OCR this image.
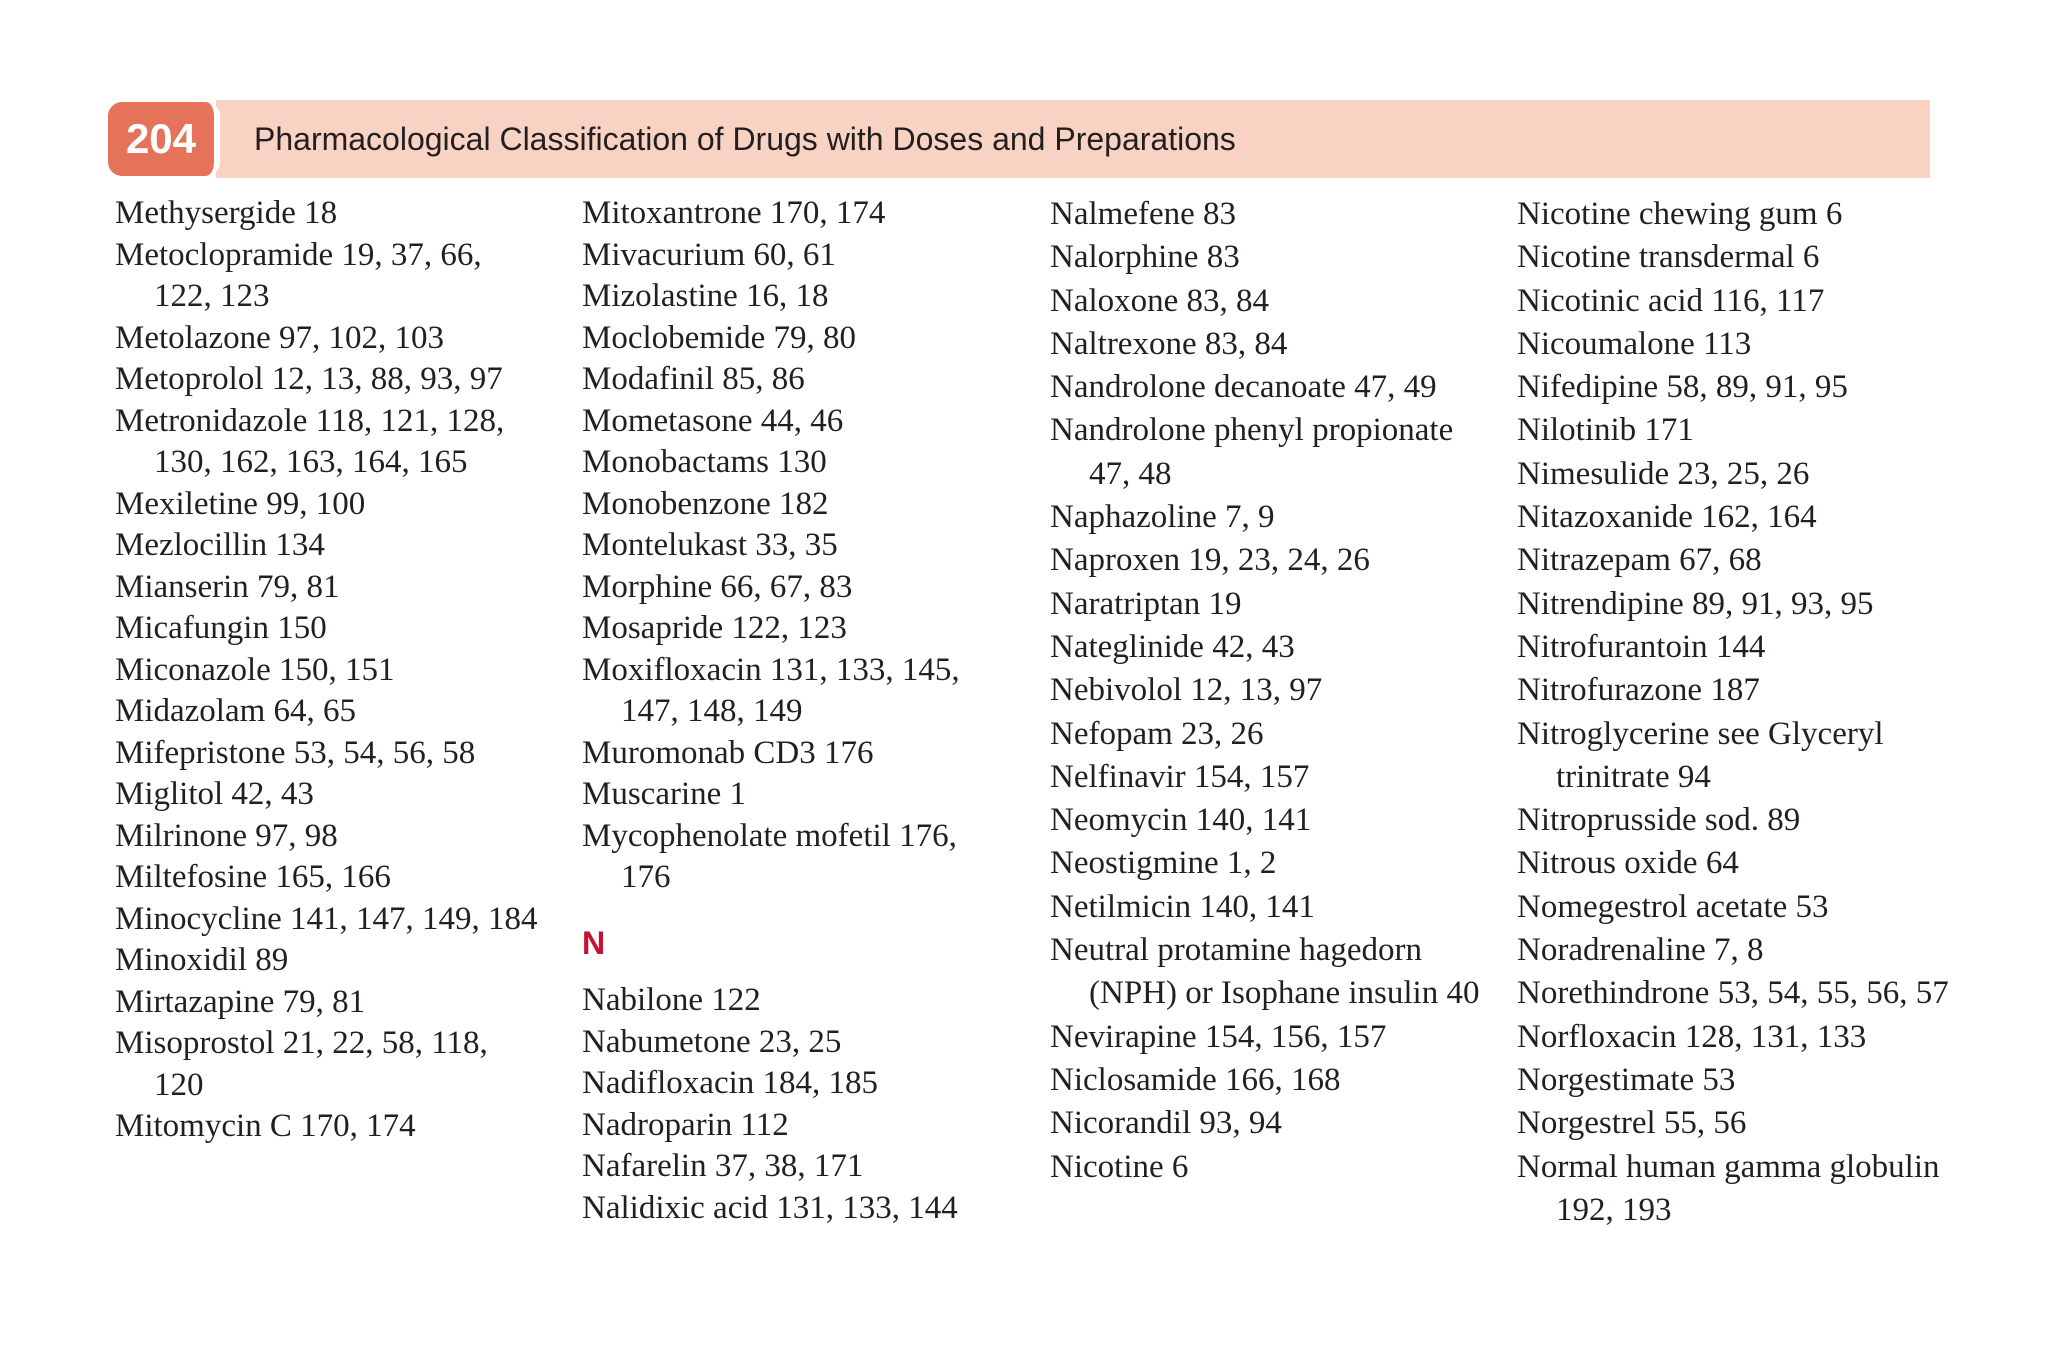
204	Pharmacological Classification of Drugs with Doses and Preparations
Methysergide 18
Metoclopramide 19, 37, 66, 122, 123
Metolazone 97, 102, 103
Metoprolol 12, 13, 88, 93, 97
Metronidazole 118, 121, 128, 130, 162, 163, 164, 165
Mexiletine 99, 100
Mezlocillin 134
Mianserin 79, 81
Micafungin 150
Miconazole 150, 151
Midazolam 64, 65
Mifepristone 53, 54, 56, 58
Miglitol 42, 43
Milrinone 97, 98
Miltefosine 165, 166
Minocycline 141, 147, 149, 184
Minoxidil 89
Mirtazapine 79, 81
Misoprostol 21, 22, 58, 118, 120
Mitomycin C 170, 174
Mitoxantrone 170, 174
Mivacurium 60, 61
Mizolastine 16, 18
Moclobemide 79, 80
Modafinil 85, 86
Mometasone 44, 46
Monobactams 130
Monobenzone 182
Montelukast 33, 35
Morphine 66, 67, 83
Mosapride 122, 123
Moxifloxacin 131, 133, 145, 147, 148, 149
Muromonab CD3 176
Muscarine 1
Mycophenolate mofetil 176, 176
N
Nabilone 122
Nabumetone 23, 25
Nadifloxacin 184, 185
Nadroparin 112
Nafarelin 37, 38, 171
Nalidixic acid 131, 133, 144
Nalmefene 83
Nalorphine 83
Naloxone 83, 84
Naltrexone 83, 84
Nandrolone decanoate 47, 49
Nandrolone phenyl propionate 47, 48
Naphazoline 7, 9
Naproxen 19, 23, 24, 26
Naratriptan 19
Nateglinide 42, 43
Nebivolol 12, 13, 97
Nefopam 23, 26
Nelfinavir 154, 157
Neomycin 140, 141
Neostigmine 1, 2
Netilmicin 140, 141
Neutral protamine hagedorn (NPH) or Isophane insulin 40
Nevirapine 154, 156, 157
Niclosamide 166, 168
Nicorandil 93, 94
Nicotine 6
Nicotine chewing gum 6
Nicotine transdermal 6
Nicotinic acid 116, 117
Nicoumalone 113
Nifedipine 58, 89, 91, 95
Nilotinib 171
Nimesulide 23, 25, 26
Nitazoxanide 162, 164
Nitrazepam 67, 68
Nitrendipine 89, 91, 93, 95
Nitrofurantoin 144
Nitrofurazone 187
Nitroglycerine see Glyceryl trinitrate 94
Nitroprusside sod. 89
Nitrous oxide 64
Nomegestrol acetate 53
Noradrenaline 7, 8
Norethindrone 53, 54, 55, 56, 57
Norfloxacin 128, 131, 133
Norgestimate 53
Norgestrel 55, 56
Normal human gamma globulin 192, 193
